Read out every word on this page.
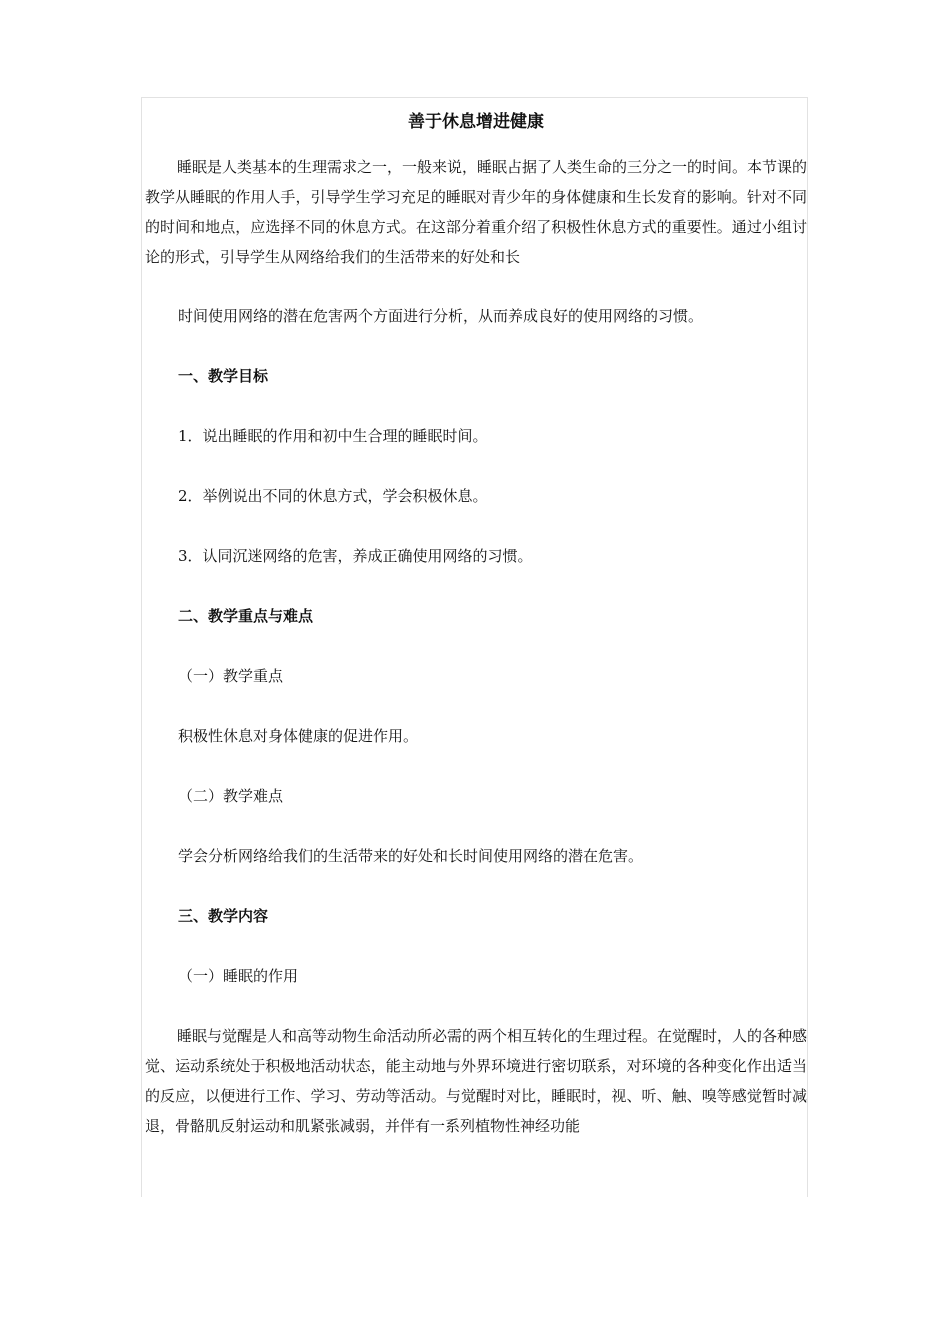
善于休息增进健康

睡眠是人类基本的生理需求之一，一般来说，睡眠占据了人类生命的三分之一的时间。本节课的教学从睡眠的作用人手，引导学生学习充足的睡眠对青少年的身体健康和生长发育的影响。针对不同的时间和地点，应选择不同的休息方式。在这部分着重介绍了积极性休息方式的重要性。通过小组讨论的形式，引导学生从网络给我们的生活带来的好处和长

时间使用网络的潜在危害两个方面进行分析，从而养成良好的使用网络的习惯。

一、教学目标

1．说出睡眠的作用和初中生合理的睡眠时间。

2．举例说出不同的休息方式，学会积极休息。

3．认同沉迷网络的危害，养成正确使用网络的习惯。

二、教学重点与难点

（一）教学重点

积极性休息对身体健康的促进作用。

（二）教学难点

学会分析网络给我们的生活带来的好处和长时间使用网络的潜在危害。

三、教学内容

（一）睡眠的作用

睡眠与觉醒是人和高等动物生命活动所必需的两个相互转化的生理过程。在觉醒时，人的各种感觉、运动系统处于积极地活动状态，能主动地与外界环境进行密切联系，对环境的各种变化作出适当的反应，以便进行工作、学习、劳动等活动。与觉醒时对比，睡眠时，视、听、触、嗅等感觉暂时减退，骨骼肌反射运动和肌紧张减弱，并伴有一系列植物性神经功能
